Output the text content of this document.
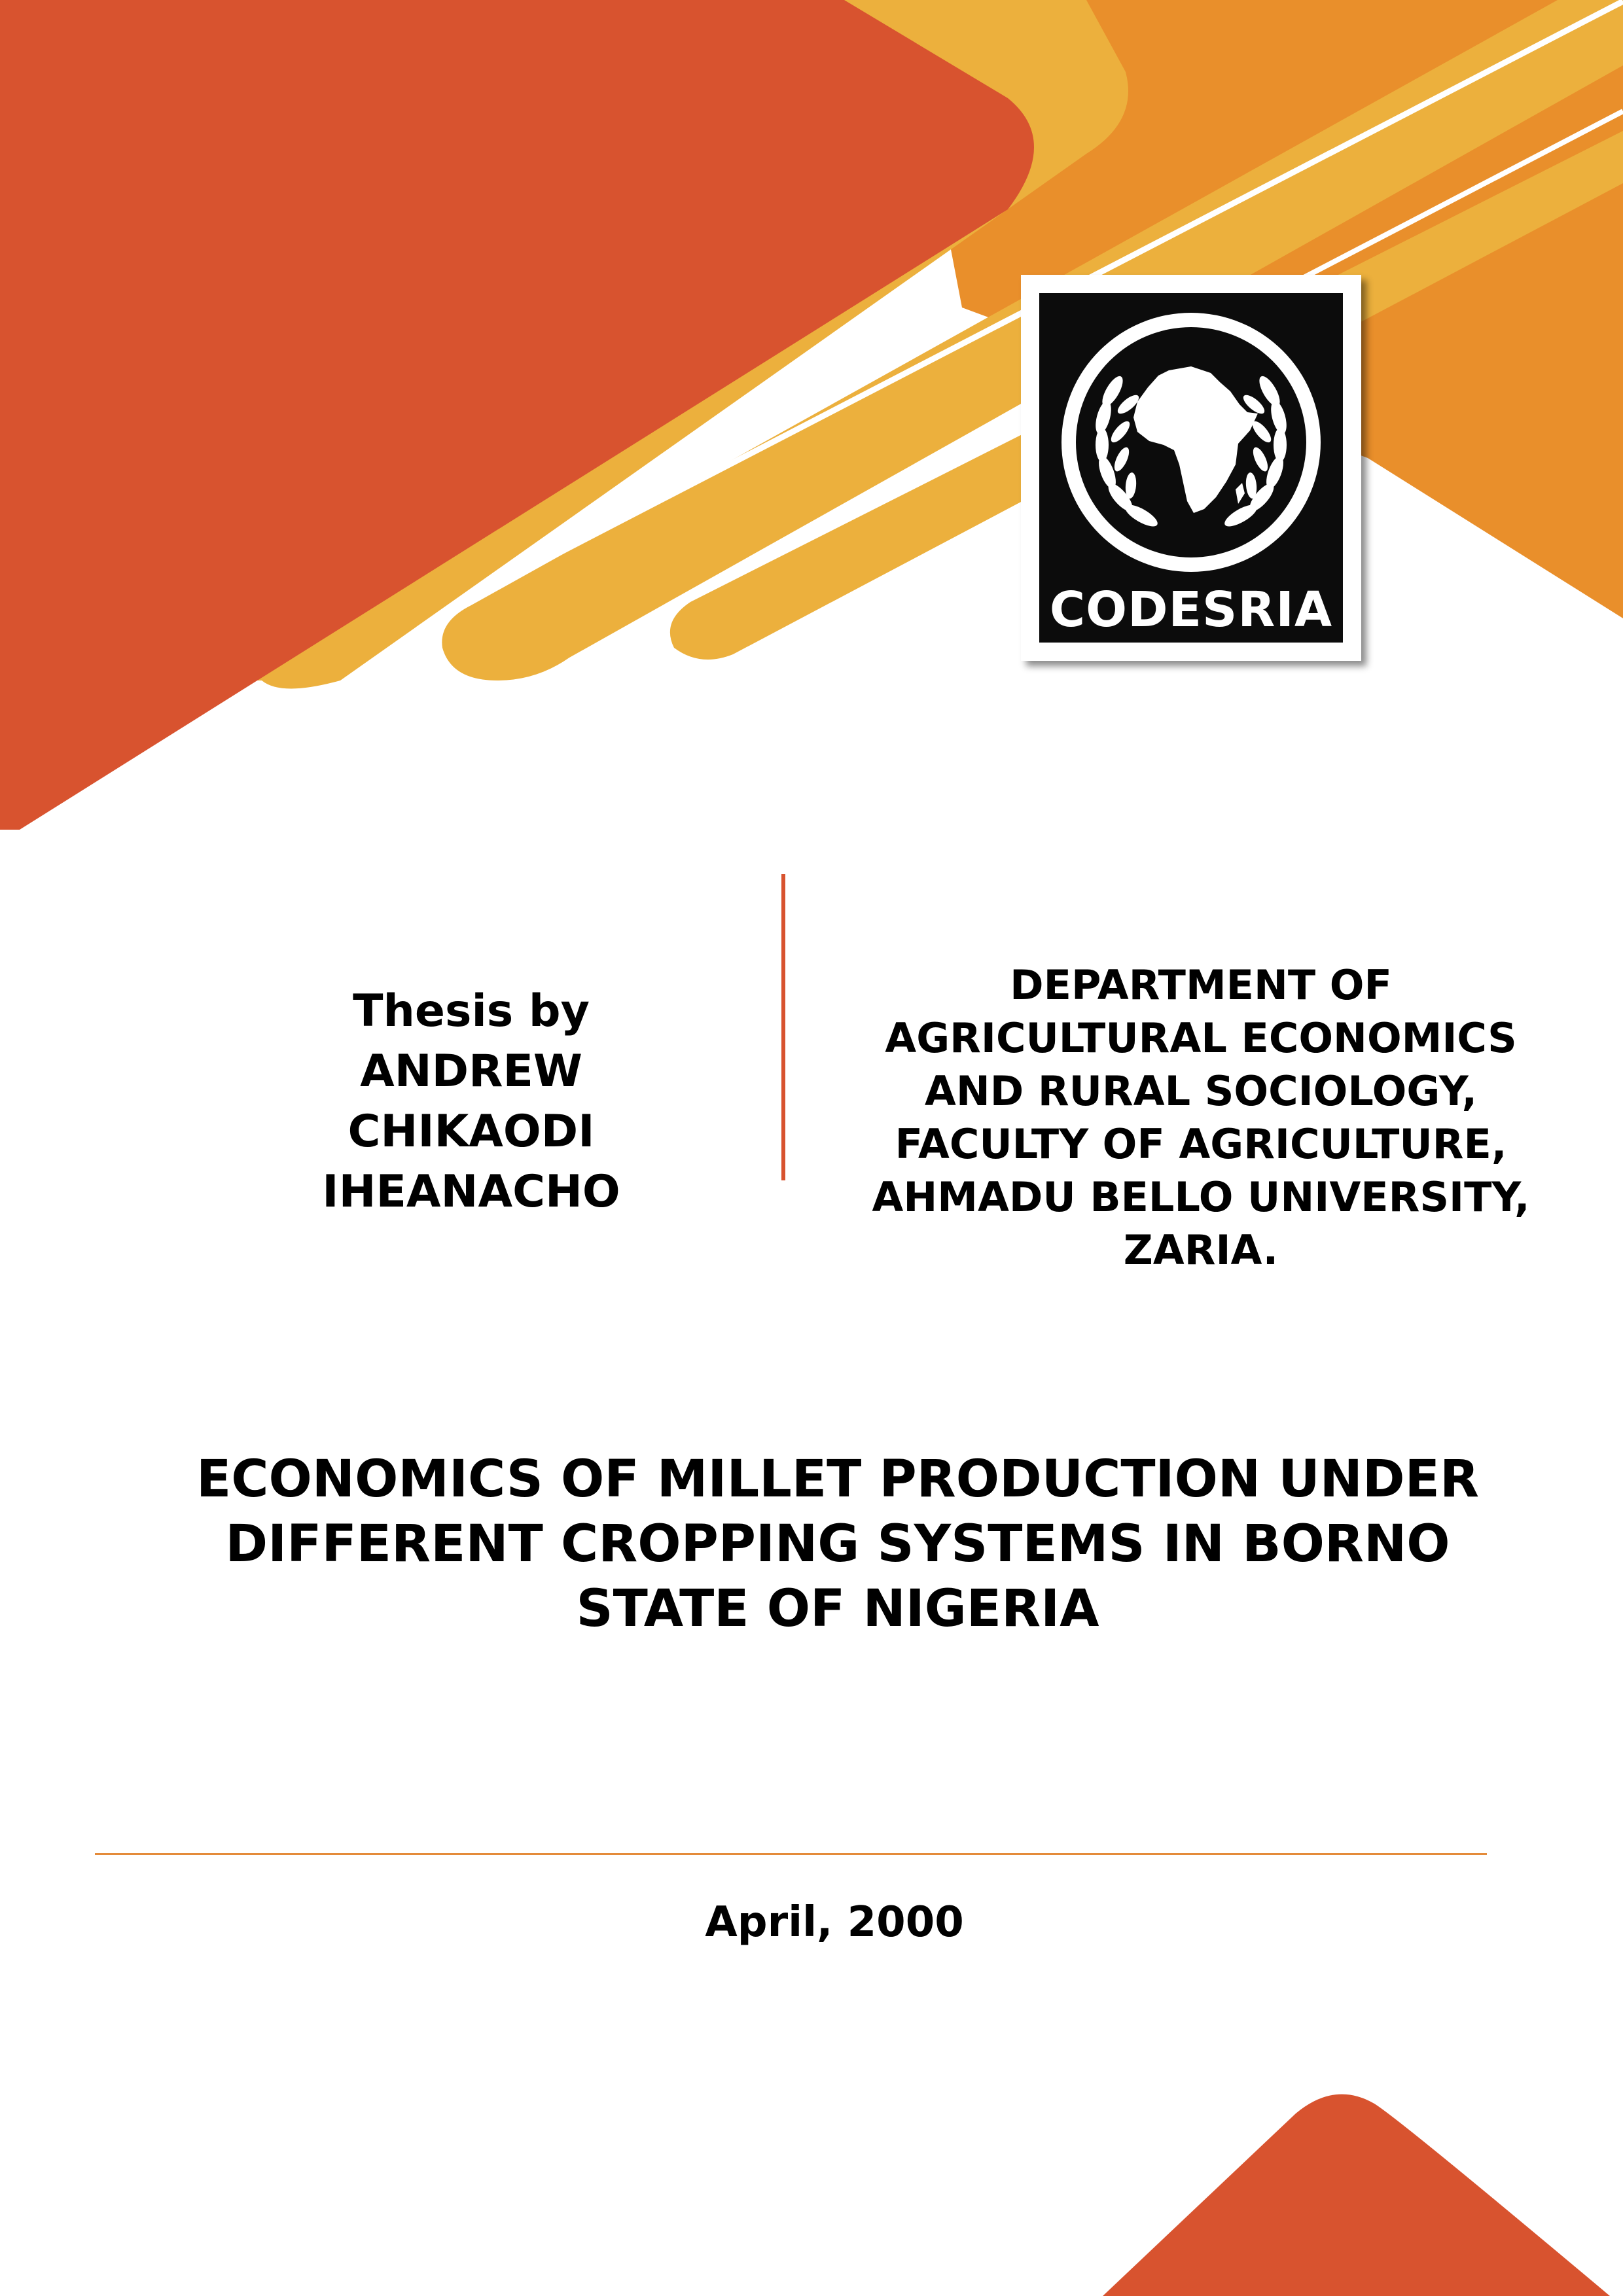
CODESRIA
Thesis by
ANDREW
CHIKAODI
IHEANACHO
DEPARTMENT OF
AGRICULTURAL ECONOMICS
AND RURAL SOCIOLOGY,
FACULTY OF AGRICULTURE,
AHMADU BELLO UNIVERSITY,
ZARIA.
ECONOMICS OF MILLET PRODUCTION UNDER
DIFFERENT CROPPING SYSTEMS IN BORNO
STATE OF NIGERIA
April, 2000
